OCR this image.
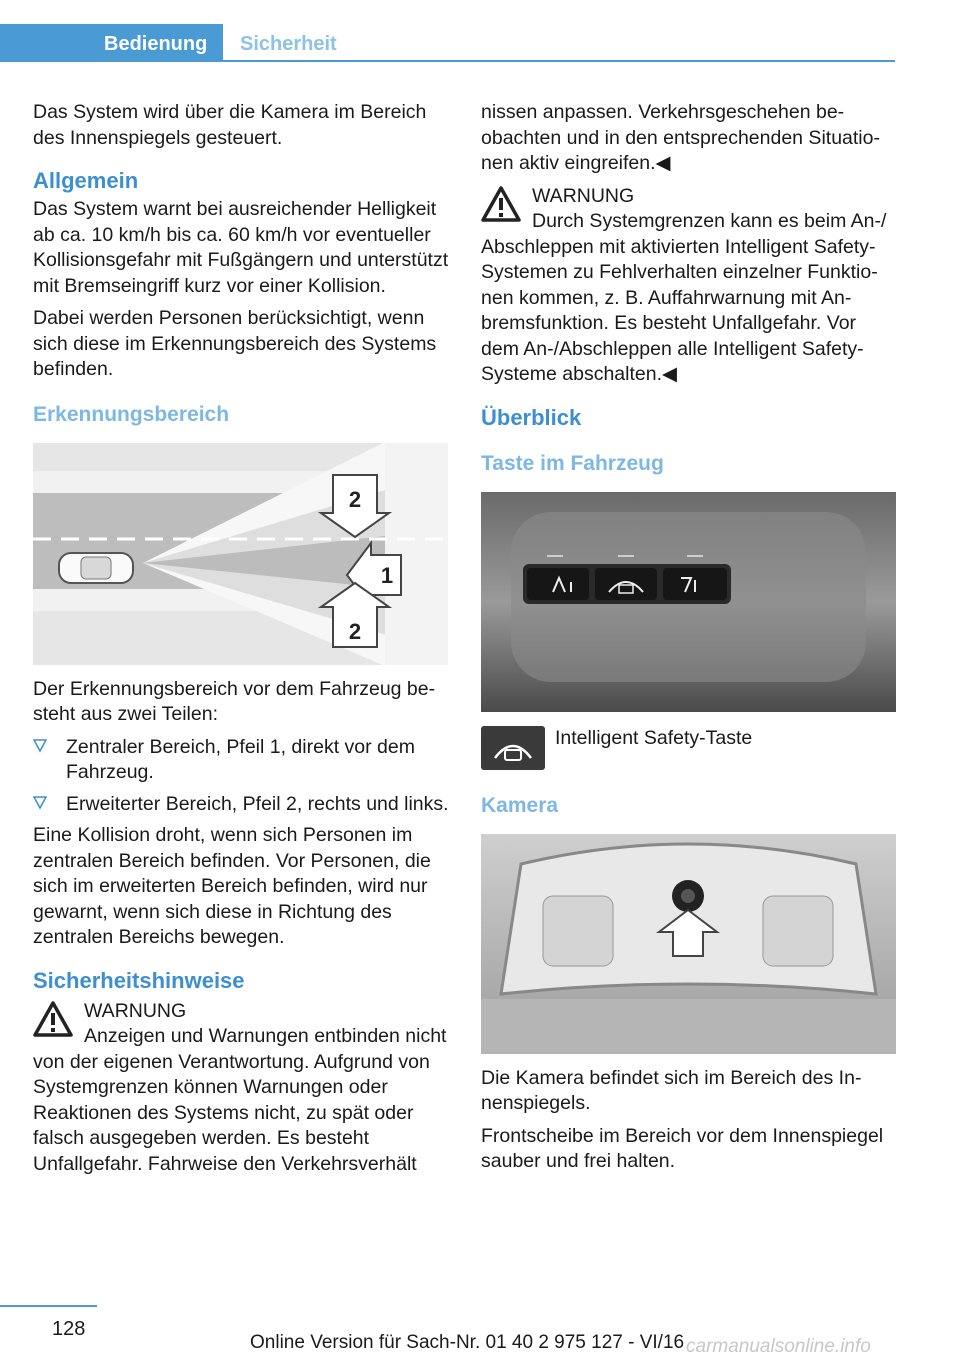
Bedienung	Sicherheit

Das System wird über die Kamera im Bereich des Innenspiegels gesteuert.

Allgemein

Das System warnt bei ausreichender Helligkeit ab ca. 10 km/h bis ca. 60 km/h vor eventueller Kollisionsgefahr mit Fußgängern und unterstützt mit Bremseingriff kurz vor einer Kollision.

Dabei werden Personen berücksichtigt, wenn sich diese im Erkennungsbereich des Systems befinden.

Erkennungsbereich
2
1
2

Der Erkennungsbereich vor dem Fahrzeug besteht aus zwei Teilen:

Zentraler Bereich, Pfeil 1, direkt vor dem Fahrzeug.
Erweiterter Bereich, Pfeil 2, rechts und links.

Eine Kollision droht, wenn sich Personen im zentralen Bereich befinden. Vor Personen, die sich im erweiterten Bereich befinden, wird nur gewarnt, wenn sich diese in Richtung des zentralen Bereichs bewegen.

Sicherheitshinweise
WARNUNG
Anzeigen und Warnungen entbinden nicht von der eigenen Verantwortung. Aufgrund von Systemgrenzen können Warnungen oder Reaktionen des Systems nicht, zu spät oder falsch ausgegeben werden. Es besteht Unfallgefahr. Fahrweise den Verkehrsverhält

nissen anpassen. Verkehrsgeschehen beobachten und in den entsprechenden Situationen aktiv eingreifen.◀

WARNUNG
Durch Systemgrenzen kann es beim An-/ Abschleppen mit aktivierten Intelligent Safety-Systemen zu Fehlverhalten einzelner Funktionen kommen, z. B. Auffahrwarnung mit Anbremsfunktion. Es besteht Unfallgefahr. Vor dem An-/Abschleppen alle Intelligent Safety-Systeme abschalten.◀
Überblick
Taste im Fahrzeug
Intelligent Safety-Taste
Kamera

Die Kamera befindet sich im Bereich des Innenspiegels.

Frontscheibe im Bereich vor dem Innenspiegel sauber und frei halten.

128
Online Version für Sach-Nr. 01 40 2 975 127 - VI/16 carmanualsonline.info
